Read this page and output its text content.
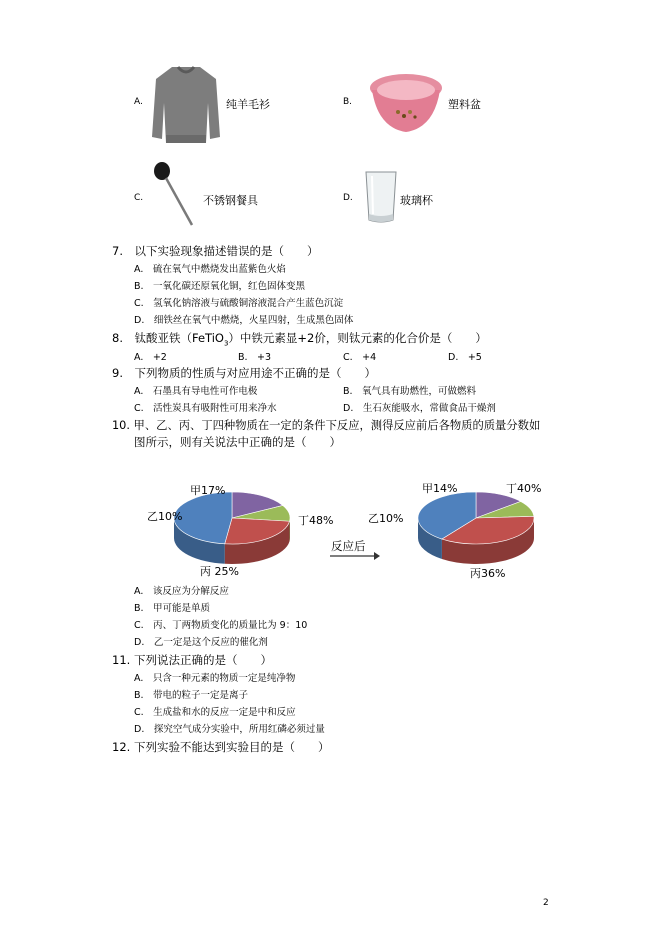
A.	纯羊毛衫	B.	塑料盆
C.	不锈钢餐具	D.	玻璃杯
7.　以下实验现象描述错误的是（　　）
A.　硫在氧气中燃烧发出蓝紫色火焰
B.　一氧化碳还原氧化铜，红色固体变黑
C.　氢氧化钠溶液与硫酸铜溶液混合产生蓝色沉淀
D.　细铁丝在氧气中燃烧，火星四射，生成黑色固体
8.　钛酸亚铁（FeTiO$_3$）中铁元素显+2价，则钛元素的化合价是（　　）
A.　+2	B.　+3	C.　+4	D.　+5
9.　下列物质的性质与对应用途不正确的是（　　）
A.　石墨具有导电性可作电极	B.　氧气具有助燃性，可做燃料
C.　活性炭具有吸附性可用来净水	D.　生石灰能吸水，常做食品干燥剂
10. 甲、乙、丙、丁四种物质在一定的条件下反应，测得反应前后各物质的质量分数如
图所示，则有关说法中正确的是（　　）
甲17%
乙10%
丙 25%
丁48%
甲14%
乙10%
丙36%
丁40%
反应后
A.　该反应为分解反应
B.　甲可能是单质
C.　丙、丁两物质变化的质量比为 9：10
D.　乙一定是这个反应的催化剂
11. 下列说法正确的是（　　）
A.　只含一种元素的物质一定是纯净物
B.　带电的粒子一定是离子
C.　生成盐和水的反应一定是中和反应
D.　探究空气成分实验中，所用红磷必须过量
12. 下列实验不能达到实验目的是（　　）
2
